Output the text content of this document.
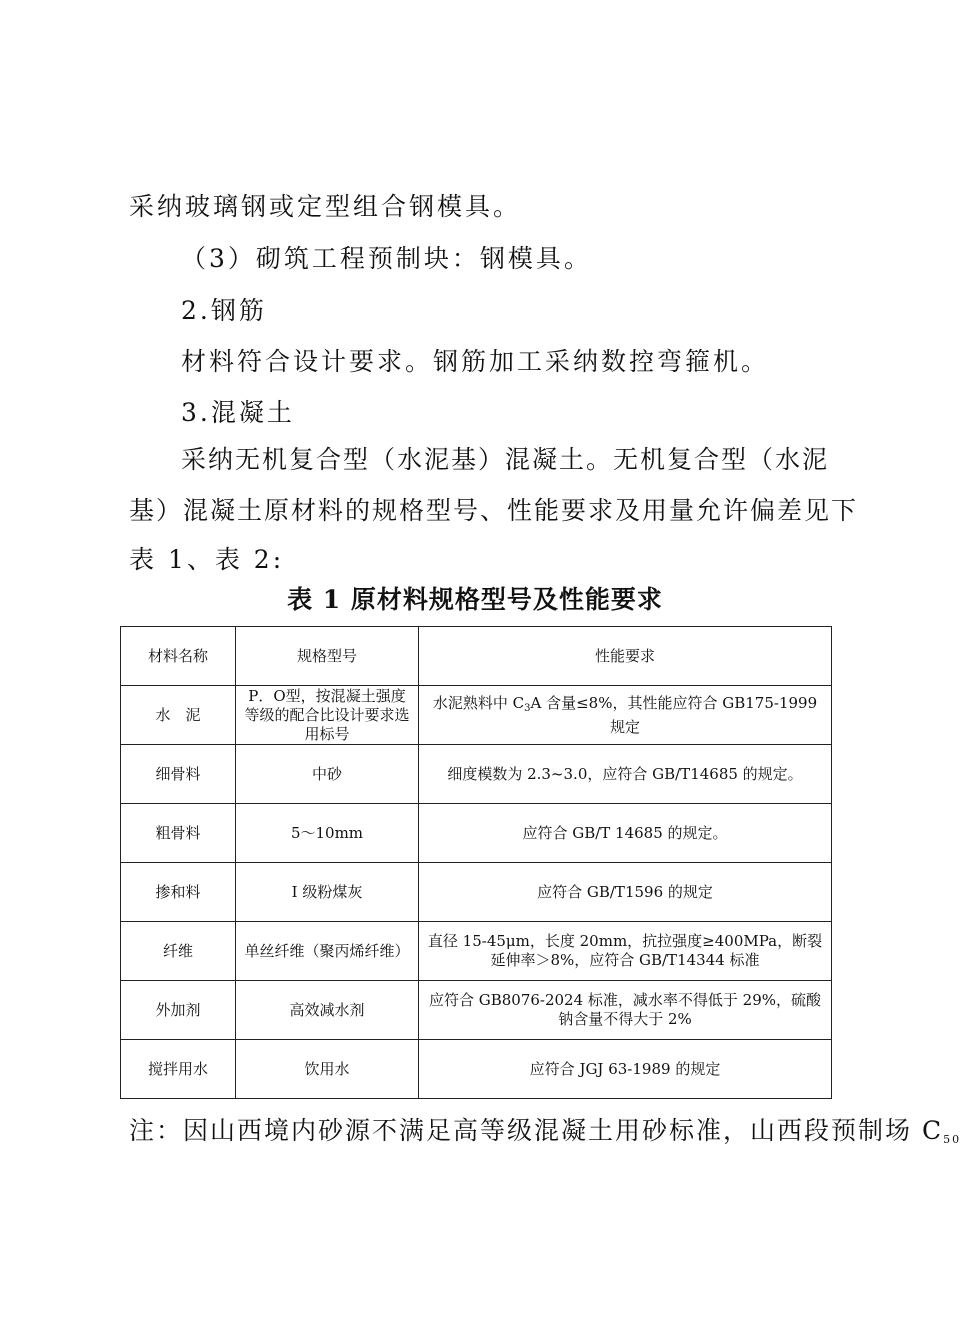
采纳玻璃钢或定型组合钢模具。
（3）砌筑工程预制块：钢模具。
2.钢筋
材料符合设计要求。钢筋加工采纳数控弯箍机。
3.混凝土
采纳无机复合型（水泥基）混凝土。无机复合型（水泥
基）混凝土原材料的规格型号、性能要求及用量允许偏差见下
表 1、表 2:
表 1 原材料规格型号及性能要求
材料名称	规格型号	性能要求
水　泥	P．O型，按混凝土强度等级的配合比设计要求选用标号	水泥熟料中 $C_3A$ 含量≤8%，其性能应符合 GB175-1999 规定
细骨料	中砂	细度模数为 2.3~3.0，应符合 GB/T14685 的规定。
粗骨料	5～10mm	应符合 GB/T 14685 的规定。
掺和料	I 级粉煤灰	应符合 GB/T1596 的规定
纤维	单丝纤维（聚丙烯纤维）	直径 15-45μm，长度 20mm，抗拉强度≥400MPa，断裂延伸率＞8%，应符合 GB/T14344 标准
外加剂	高效减水剂	应符合 GB8076-2024 标准，减水率不得低于 29%，硫酸钠含量不得大于 2%
搅拌用水	饮用水	应符合 JGJ 63-1989 的规定
注：因山西境内砂源不满足高等级混凝土用砂标准，山西段预制场 $C_{50}$
